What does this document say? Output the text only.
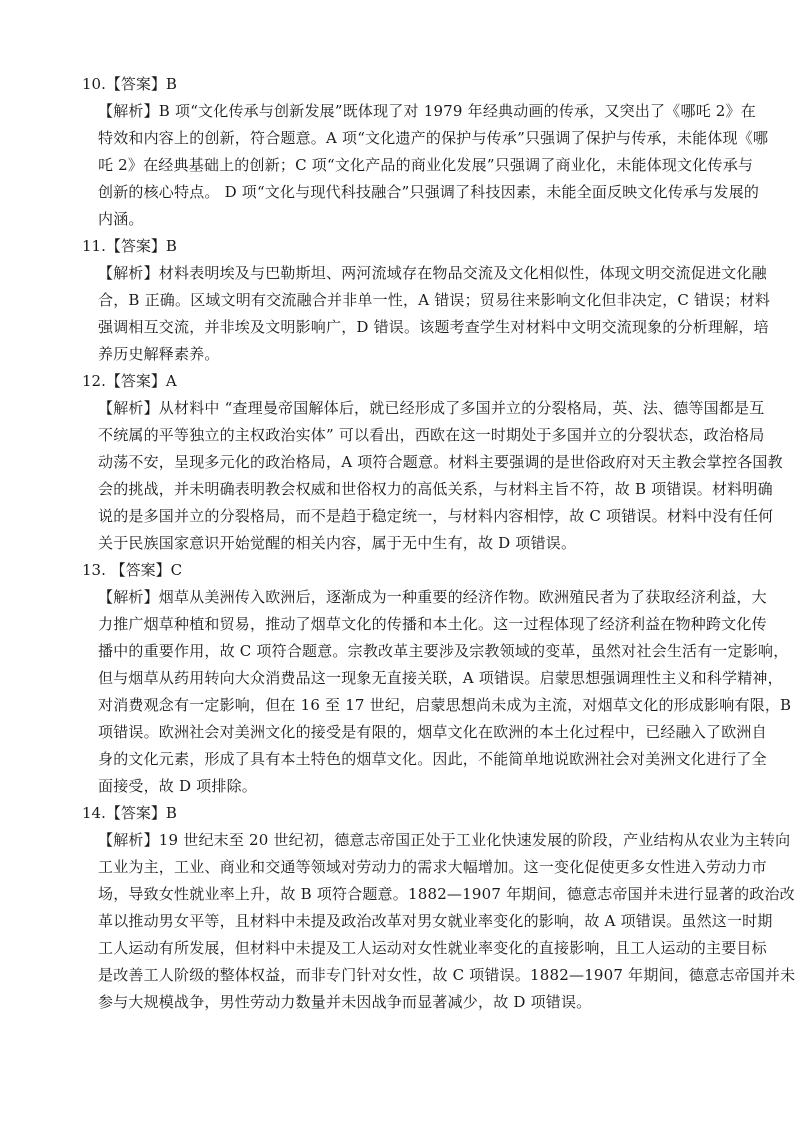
10.【答案】B
【解析】B 项“文化传承与创新发展”既体现了对 1979 年经典动画的传承，又突出了《哪吒 2》在
特效和内容上的创新，符合题意。A 项“文化遗产的保护与传承”只强调了保护与传承，未能体现《哪
吒 2》在经典基础上的创新；C 项“文化产品的商业化发展”只强调了商业化，未能体现文化传承与
创新的核心特点。 D 项“文化与现代科技融合”只强调了科技因素，未能全面反映文化传承与发展的
内涵。
11.【答案】B
【解析】材料表明埃及与巴勒斯坦、两河流域存在物品交流及文化相似性，体现文明交流促进文化融
合，B 正确。区域文明有交流融合并非单一性，A 错误；贸易往来影响文化但非决定，C 错误；材料
强调相互交流，并非埃及文明影响广，D 错误。该题考查学生对材料中文明交流现象的分析理解，培
养历史解释素养。
12.【答案】A
【解析】从材料中 “查理曼帝国解体后，就已经形成了多国并立的分裂格局，英、法、德等国都是互
不统属的平等独立的主权政治实体” 可以看出，西欧在这一时期处于多国并立的分裂状态，政治格局
动荡不安，呈现多元化的政治格局，A 项符合题意。材料主要强调的是世俗政府对天主教会掌控各国教
会的挑战，并未明确表明教会权威和世俗权力的高低关系，与材料主旨不符，故 B 项错误。材料明确
说的是多国并立的分裂格局，而不是趋于稳定统一，与材料内容相悖，故 C 项错误。材料中没有任何
关于民族国家意识开始觉醒的相关内容，属于无中生有，故 D 项错误。
13. 【答案】C
【解析】烟草从美洲传入欧洲后，逐渐成为一种重要的经济作物。欧洲殖民者为了获取经济利益，大
力推广烟草种植和贸易，推动了烟草文化的传播和本土化。这一过程体现了经济利益在物种跨文化传
播中的重要作用，故 C 项符合题意。宗教改革主要涉及宗教领域的变革，虽然对社会生活有一定影响，
但与烟草从药用转向大众消费品这一现象无直接关联，A 项错误。启蒙思想强调理性主义和科学精神，
对消费观念有一定影响，但在 16 至 17 世纪，启蒙思想尚未成为主流，对烟草文化的形成影响有限，B
项错误。欧洲社会对美洲文化的接受是有限的，烟草文化在欧洲的本土化过程中，已经融入了欧洲自
身的文化元素，形成了具有本土特色的烟草文化。因此，不能简单地说欧洲社会对美洲文化进行了全
面接受，故 D 项排除。
14.【答案】B
【解析】19 世纪末至 20 世纪初，德意志帝国正处于工业化快速发展的阶段，产业结构从农业为主转向
工业为主，工业、商业和交通等领域对劳动力的需求大幅增加。这一变化促使更多女性进入劳动力市
场，导致女性就业率上升，故 B 项符合题意。1882—1907 年期间，德意志帝国并未进行显著的政治改
革以推动男女平等，且材料中未提及政治改革对男女就业率变化的影响，故 A 项错误。虽然这一时期
工人运动有所发展，但材料中未提及工人运动对女性就业率变化的直接影响，且工人运动的主要目标
是改善工人阶级的整体权益，而非专门针对女性，故 C 项错误。1882—1907 年期间，德意志帝国并未
参与大规模战争，男性劳动力数量并未因战争而显著减少，故 D 项错误。
